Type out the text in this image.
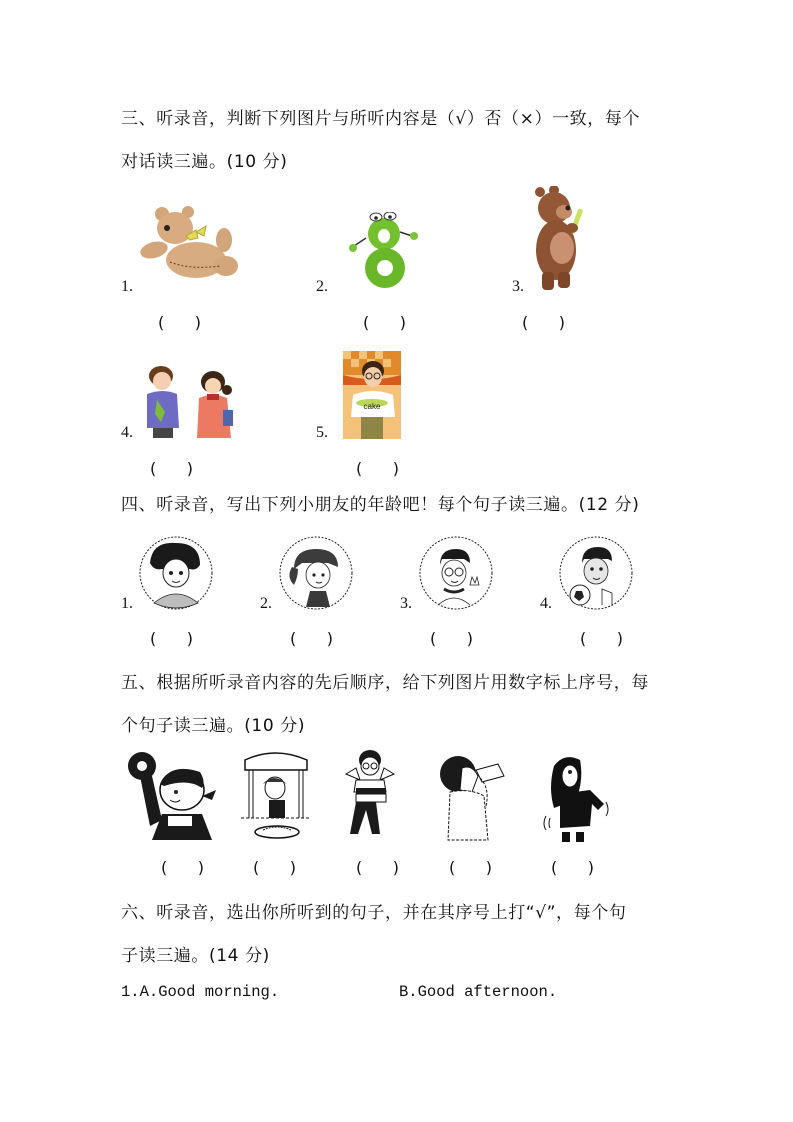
三、听录音，判断下列图片与所听内容是（√）否（×）一致，每个
对话读三遍。(10 分)
1.
(      )
2.
(      )
3.
(      )
4.
(      )
5.
cake
(      )
四、听录音，写出下列小朋友的年龄吧！每个句子读三遍。(12 分)
1.
(      )
2.
(      )
3.
(      )
4.
(      )
五、根据所听录音内容的先后顺序，给下列图片用数字标上序号，每
个句子读三遍。(10 分)
(      )	(      )	(      )	(      )	(      )
六、听录音，选出你所听到的句子，并在其序号上打“√”，每个句
子读三遍。(14 分)
1.A.Good morning.	B.Good afternoon.
